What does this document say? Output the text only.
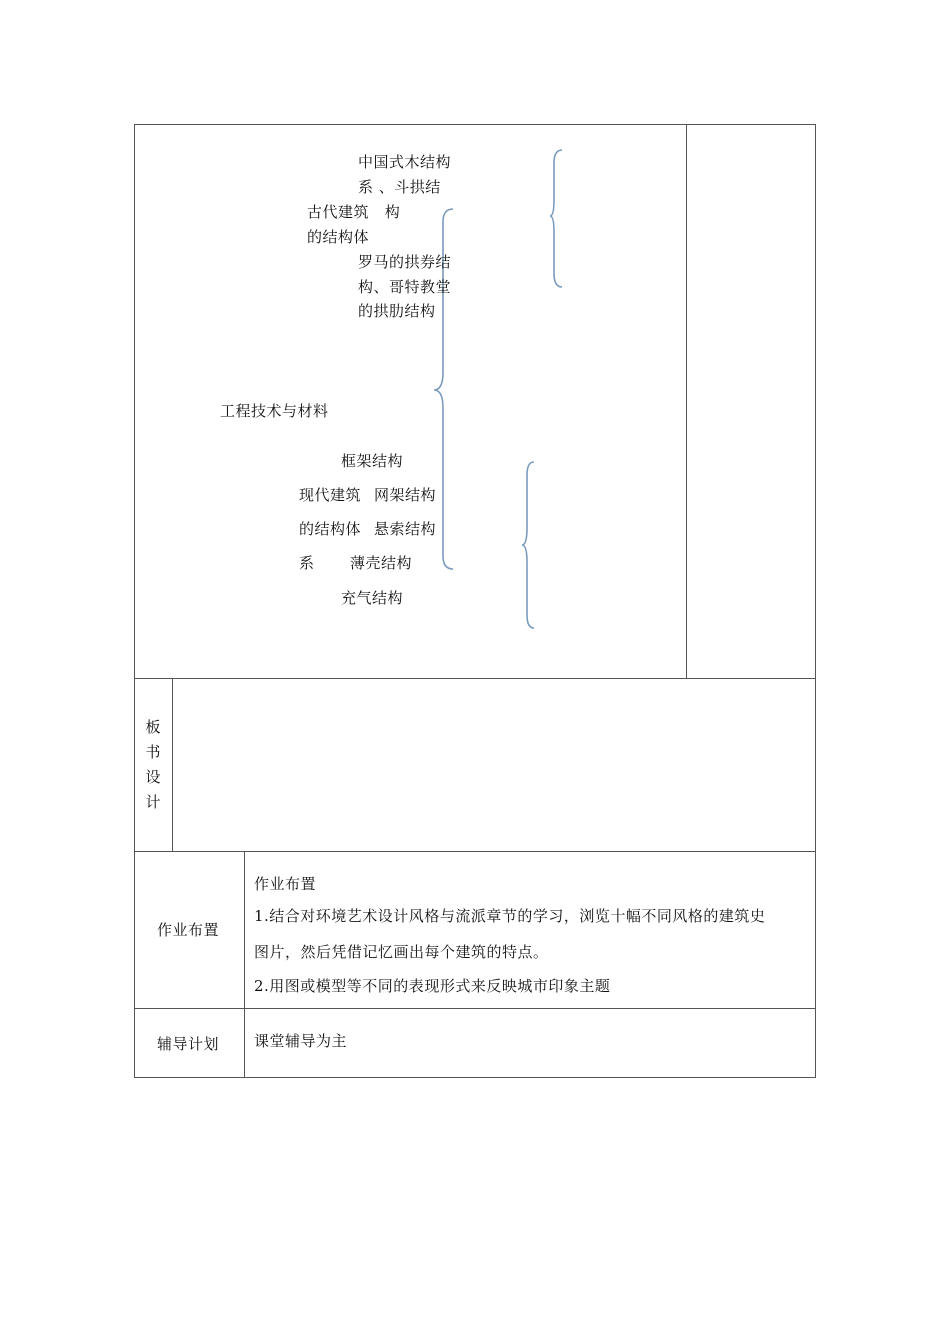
中国式木结构
系 、斗拱结
古代建筑   构
的结构体
罗马的拱券结
构、哥特教堂
的拱肋结构
工程技术与材料
框架结构
现代建筑 网架结构
的结构体 悬索结构
系 薄壳结构
充气结构
板
书
设
计
作业布置
作业布置
1.结合对环境艺术设计风格与流派章节的学习，浏览十幅不同风格的建筑史
图片，然后凭借记忆画出每个建筑的特点。
2.用图或模型等不同的表现形式来反映城市印象主题
辅导计划 课堂辅导为主
